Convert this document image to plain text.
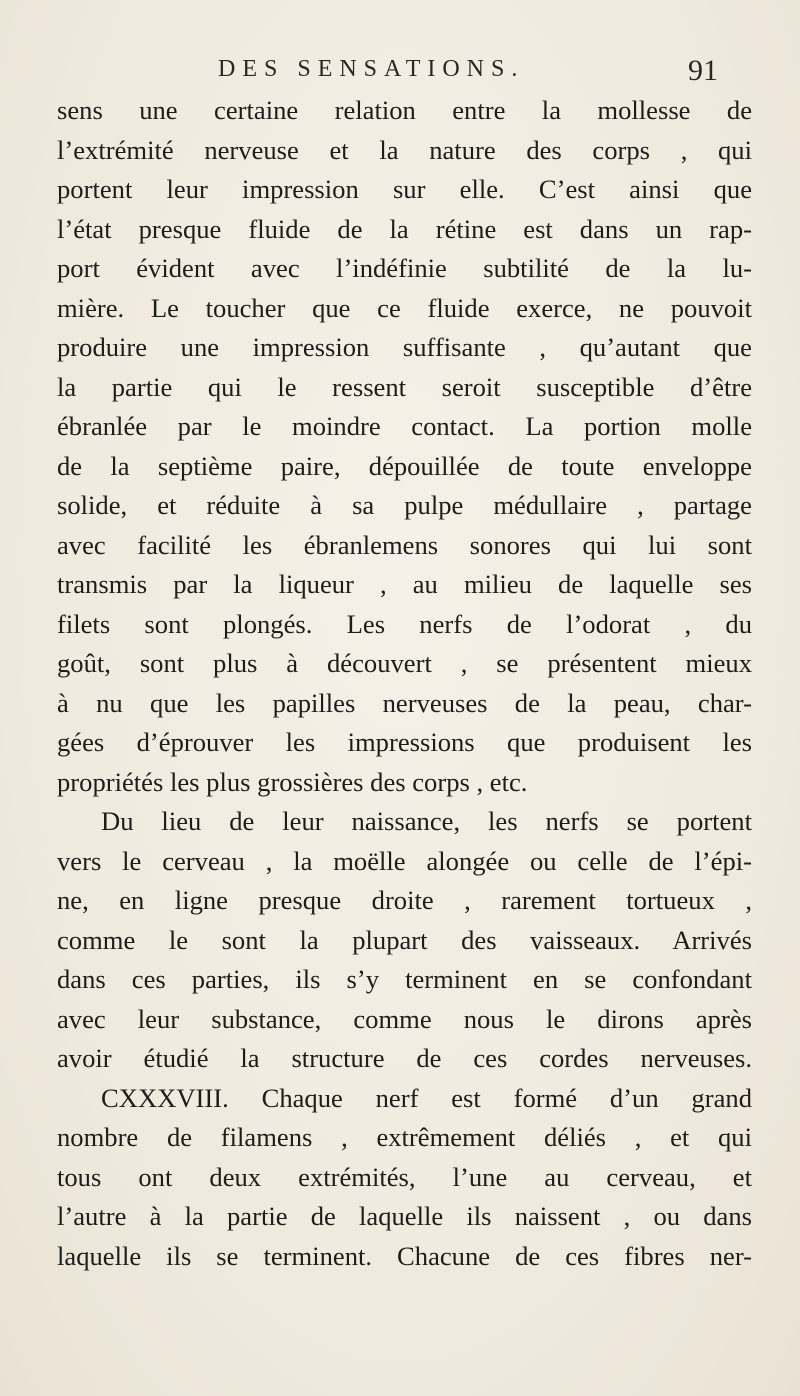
DES SENSATIONS.	91
sens une certaine relation entre la mollesse de
l’extrémité nerveuse et la nature des corps , qui
portent leur impression sur elle. C’est ainsi que
l’état presque fluide de la rétine est dans un rap-
port évident avec l’indéfinie subtilité de la lu-
mière. Le toucher que ce fluide exerce, ne pouvoit
produire une impression suffisante , qu’autant que
la partie qui le ressent seroit susceptible d’être
ébranlée par le moindre contact. La portion molle
de la septième paire, dépouillée de toute enveloppe
solide, et réduite à sa pulpe médullaire , partage
avec facilité les ébranlemens sonores qui lui sont
transmis par la liqueur , au milieu de laquelle ses
filets sont plongés. Les nerfs de l’odorat , du
goût, sont plus à découvert , se présentent mieux
à nu que les papilles nerveuses de la peau, char-
gées d’éprouver les impressions que produisent les
propriétés les plus grossières des corps , etc.
Du lieu de leur naissance, les nerfs se portent
vers le cerveau , la moëlle alongée ou celle de l’épi-
ne, en ligne presque droite , rarement tortueux ,
comme le sont la plupart des vaisseaux. Arrivés
dans ces parties, ils s’y terminent en se confondant
avec leur substance, comme nous le dirons après
avoir étudié la structure de ces cordes nerveuses.
CXXXVIII. Chaque nerf est formé d’un grand
nombre de filamens , extrêmement déliés , et qui
tous ont deux extrémités, l’une au cerveau, et
l’autre à la partie de laquelle ils naissent , ou dans
laquelle ils se terminent. Chacune de ces fibres ner-
